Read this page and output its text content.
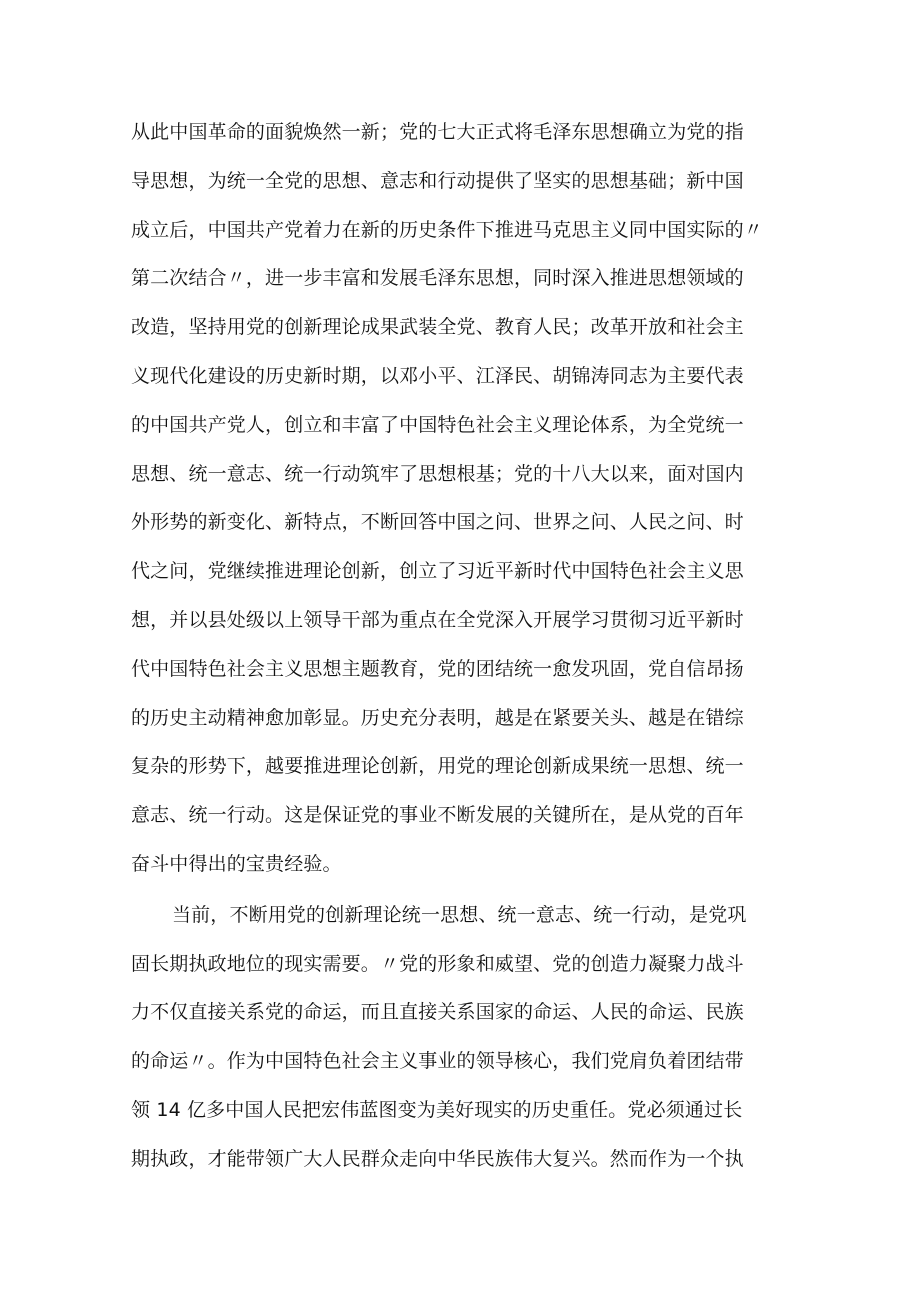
从此中国革命的面貌焕然一新；党的七大正式将毛泽东思想确立为党的指
导思想，为统一全党的思想、意志和行动提供了坚实的思想基础；新中国
成立后，中国共产党着力在新的历史条件下推进马克思主义同中国实际的〃
第二次结合〃，进一步丰富和发展毛泽东思想，同时深入推进思想领域的
改造，坚持用党的创新理论成果武装全党、教育人民；改革开放和社会主
义现代化建设的历史新时期，以邓小平、江泽民、胡锦涛同志为主要代表
的中国共产党人，创立和丰富了中国特色社会主义理论体系，为全党统一
思想、统一意志、统一行动筑牢了思想根基；党的十八大以来，面对国内
外形势的新变化、新特点，不断回答中国之问、世界之问、人民之问、时
代之问，党继续推进理论创新，创立了习近平新时代中国特色社会主义思
想，并以县处级以上领导干部为重点在全党深入开展学习贯彻习近平新时
代中国特色社会主义思想主题教育，党的团结统一愈发巩固，党自信昂扬
的历史主动精神愈加彰显。历史充分表明，越是在紧要关头、越是在错综
复杂的形势下，越要推进理论创新，用党的理论创新成果统一思想、统一
意志、统一行动。这是保证党的事业不断发展的关键所在，是从党的百年
奋斗中得出的宝贵经验。
当前，不断用党的创新理论统一思想、统一意志、统一行动，是党巩
固长期执政地位的现实需要。〃党的形象和威望、党的创造力凝聚力战斗
力不仅直接关系党的命运，而且直接关系国家的命运、人民的命运、民族
的命运〃。作为中国特色社会主义事业的领导核心，我们党肩负着团结带
领 14 亿多中国人民把宏伟蓝图变为美好现实的历史重任。党必须通过长
期执政，才能带领广大人民群众走向中华民族伟大复兴。然而作为一个执
